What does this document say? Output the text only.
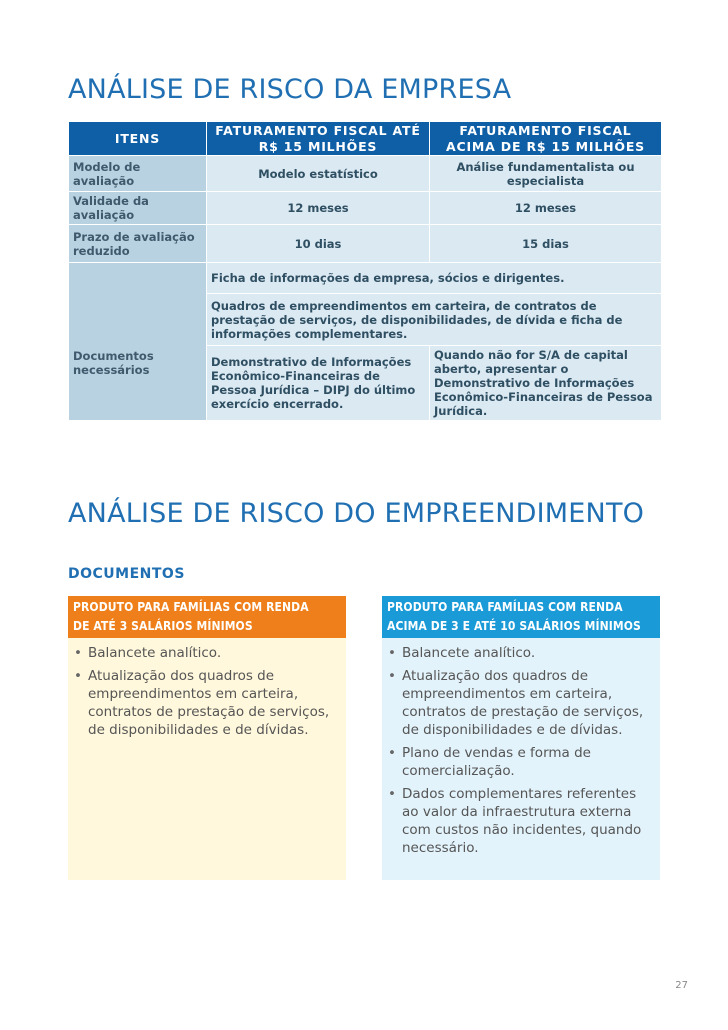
ANÁLISE DE RISCO DA EMPRESA
ITENS	FATURAMENTO FISCAL ATÉ R$ 15 MILHÕES	FATURAMENTO FISCAL ACIMA DE R$ 15 MILHÕES
Modelo de avaliação	Modelo estatístico	Análise fundamentalista ou especialista
Validade da avaliação	12 meses	12 meses
Prazo de avaliação reduzido	10 dias	15 dias
Documentos necessários	Ficha de informações da empresa, sócios e dirigentes.	
	Quadros de empreendimentos em carteira, de contratos de prestação de serviços, de disponibilidades, de dívida e ficha de informações complementares.	
	Demonstrativo de Informações Econômico-Financeiras de Pessoa Jurídica – DIPJ do último exercício encerrado.	Quando não for S/A de capital aberto, apresentar o Demonstrativo de Informações Econômico-Financeiras de Pessoa Jurídica.
ANÁLISE DE RISCO DO EMPREENDIMENTO
DOCUMENTOS
PRODUTO PARA FAMÍLIAS COM RENDA
DE ATÉ 3 SALÁRIOS MÍNIMOS
• Balancete analítico.
• Atualização dos quadros de empreendimentos em carteira, contratos de prestação de serviços, de disponibilidades e de dívidas.
PRODUTO PARA FAMÍLIAS COM RENDA
ACIMA DE 3 E ATÉ 10 SALÁRIOS MÍNIMOS
• Balancete analítico.
• Atualização dos quadros de empreendimentos em carteira, contratos de prestação de serviços, de disponibilidades e de dívidas.
• Plano de vendas e forma de comercialização.
• Dados complementares referentes ao valor da infraestrutura externa com custos não incidentes, quando necessário.
27
